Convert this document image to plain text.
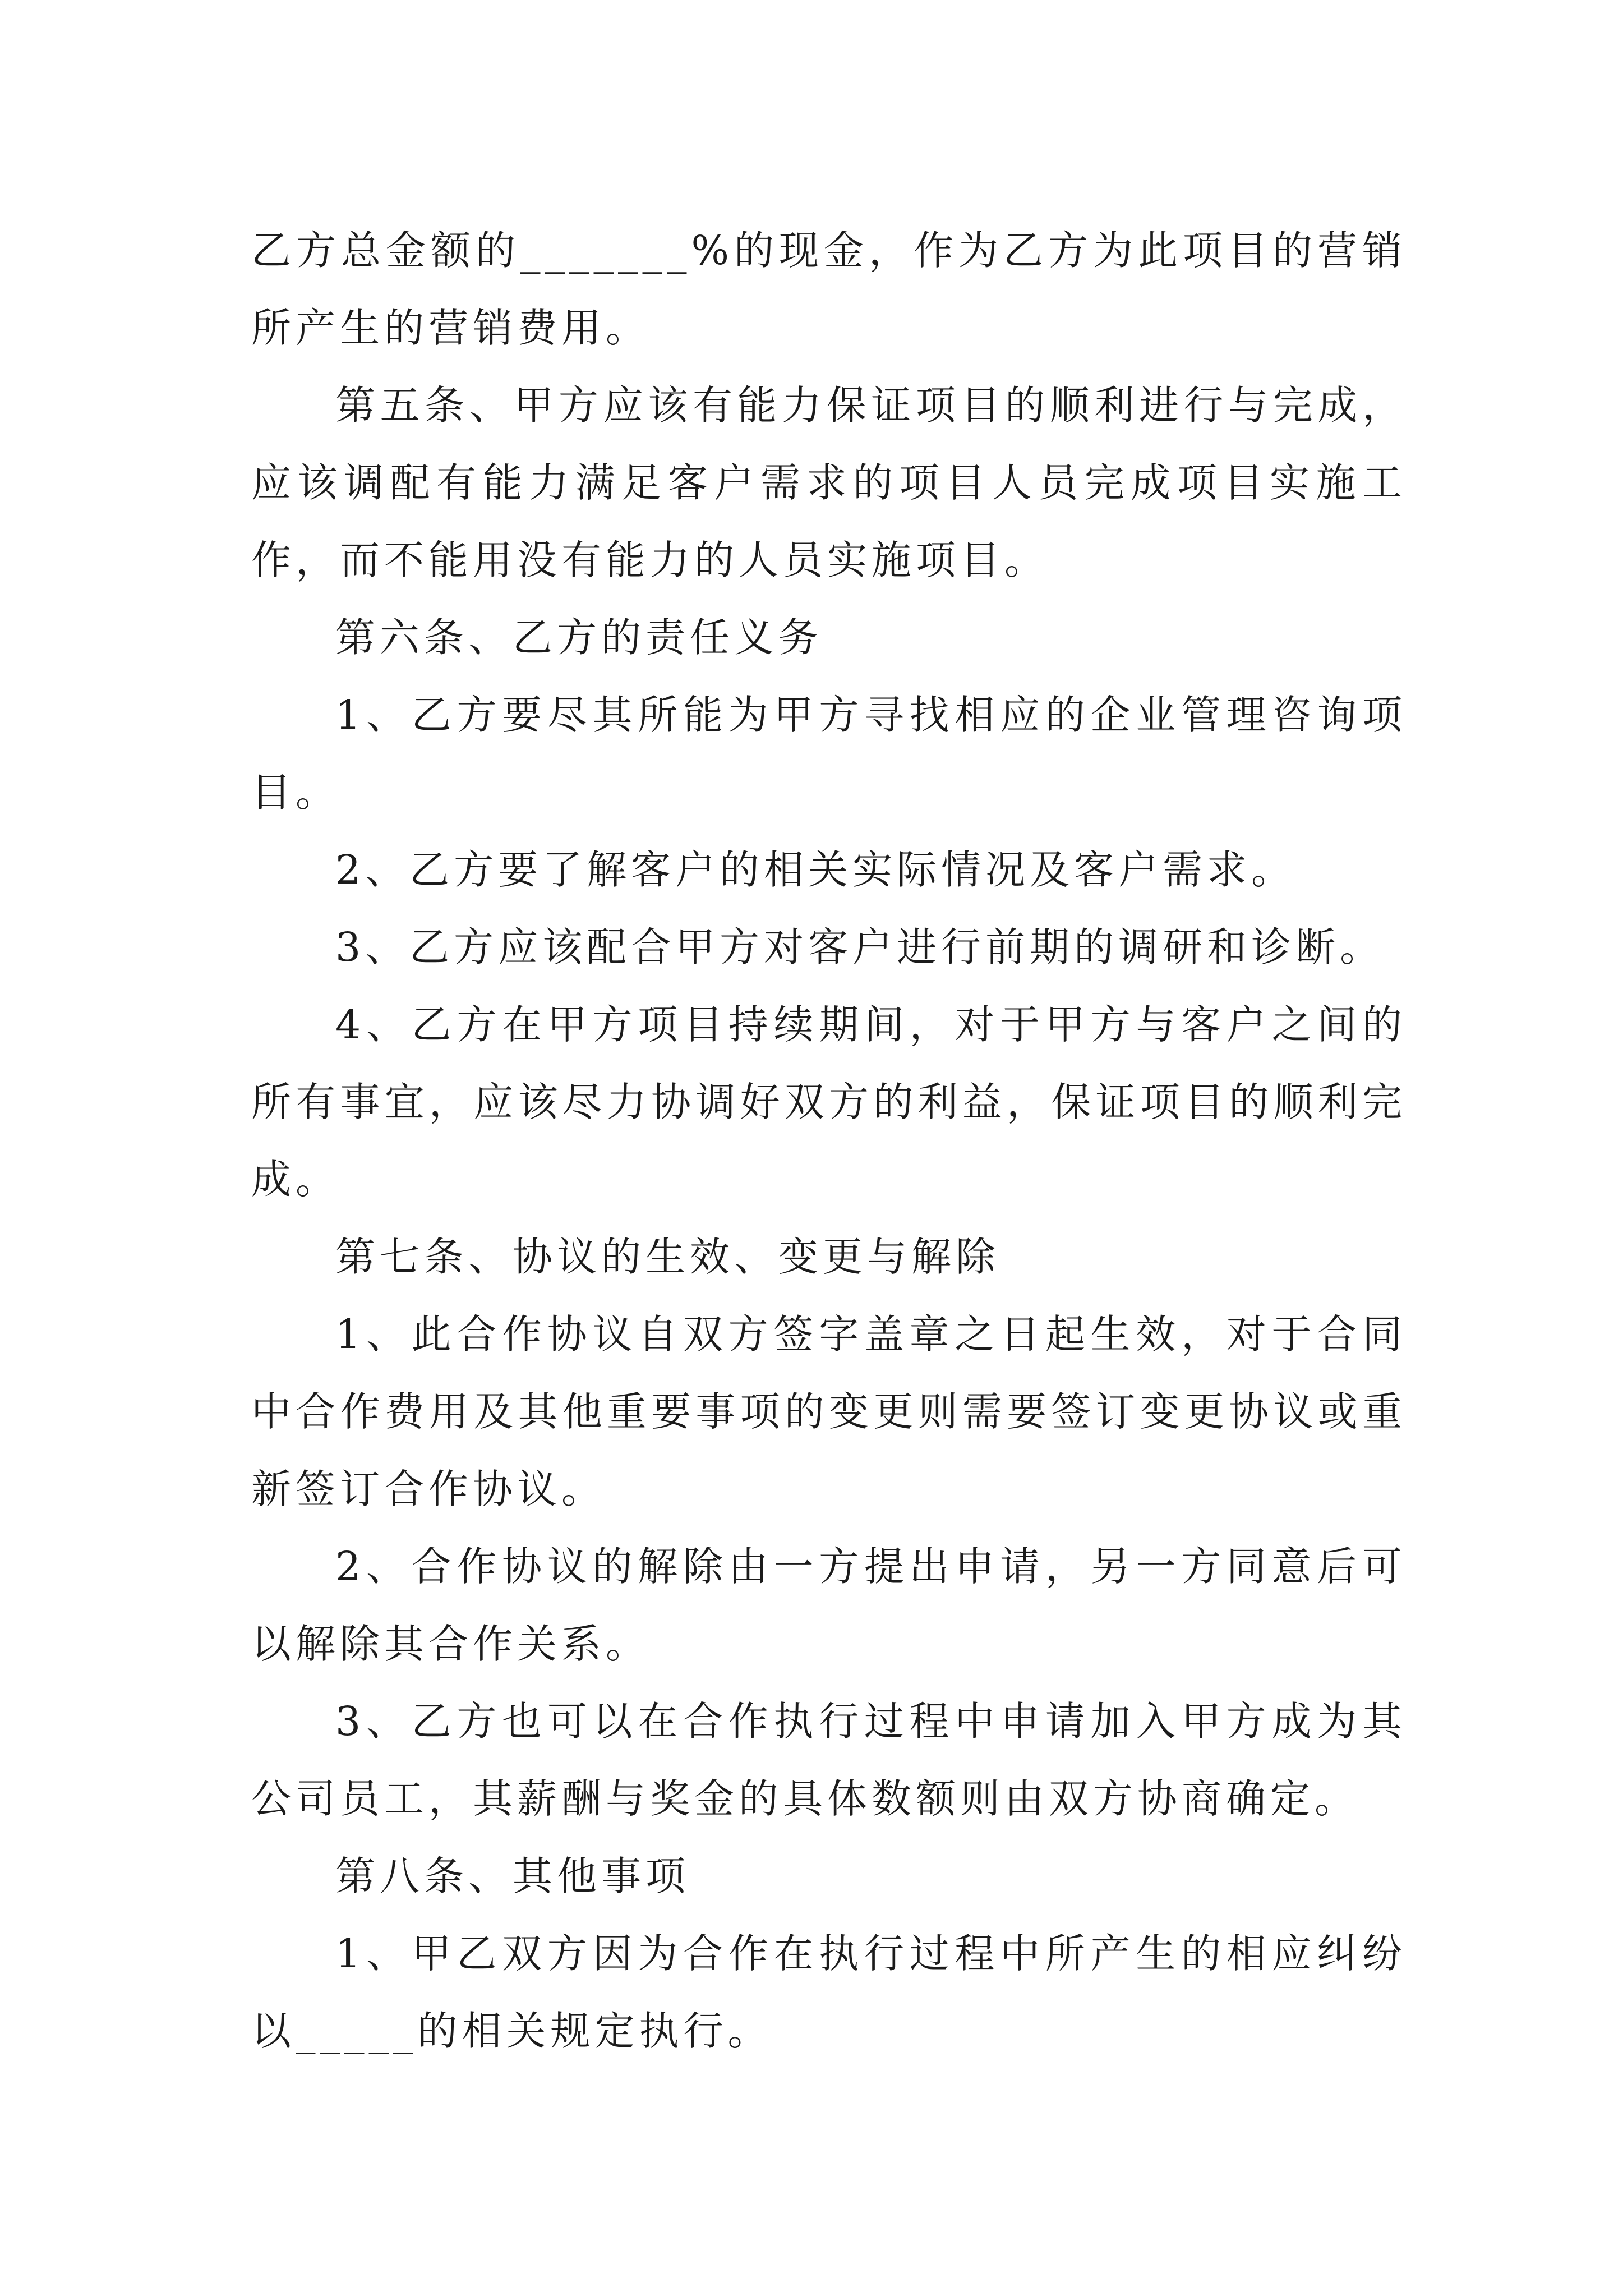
乙方总金额的_______%的现金，作为乙方为此项目的营销所产生的营销费用。

第五条、甲方应该有能力保证项目的顺利进行与完成，应该调配有能力满足客户需求的项目人员完成项目实施工作，而不能用没有能力的人员实施项目。

第六条、乙方的责任义务

1、乙方要尽其所能为甲方寻找相应的企业管理咨询项目。

2、乙方要了解客户的相关实际情况及客户需求。

3、乙方应该配合甲方对客户进行前期的调研和诊断。

4、乙方在甲方项目持续期间，对于甲方与客户之间的所有事宜，应该尽力协调好双方的利益，保证项目的顺利完成。

第七条、协议的生效、变更与解除

1、此合作协议自双方签字盖章之日起生效，对于合同中合作费用及其他重要事项的变更则需要签订变更协议或重新签订合作协议。

2、合作协议的解除由一方提出申请，另一方同意后可以解除其合作关系。

3、乙方也可以在合作执行过程中申请加入甲方成为其公司员工，其薪酬与奖金的具体数额则由双方协商确定。

第八条、其他事项

1、甲乙双方因为合作在执行过程中所产生的相应纠纷以_____的相关规定执行。
